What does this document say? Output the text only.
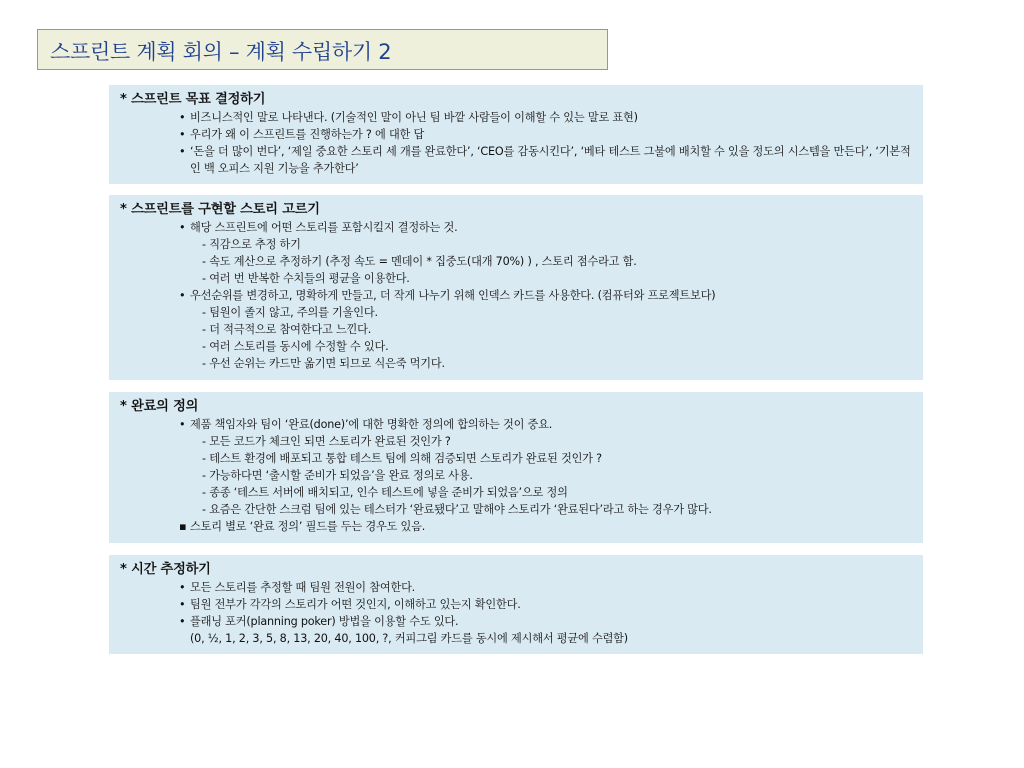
스프린트 계획 회의 – 계획 수립하기 2
* 스프린트 목표 결정하기
• 비즈니스적인 말로 나타낸다. (기술적인 말이 아닌 팀 바깥 사람들이 이해할 수 있는 말로 표현)
• 우리가 왜 이 스프린트를 진행하는가 ? 에 대한 답
• ‘돈을 더 많이 번다’, ‘제일 중요한 스토리 세 개를 완료한다’, ‘CEO를 감동시킨다’, ‘베타 테스트 그불에 배치할 수 있을 정도의 시스템을 만든다’, ‘기본적인 백 오피스 지원 기능을 추가한다’
* 스프린트를 구현할 스토리 고르기
• 해당 스프린트에 어떤 스토리를 포함시킬지 결정하는 것.
- 직감으로 추정 하기
- 속도 계산으로 추정하기 (추정 속도 = 멘데이 * 집중도(대개 70%) ) , 스토리 점수라고 함.
- 여러 번 반복한 수치들의 평균을 이용한다.
• 우선순위를 변경하고, 명확하게 만들고, 더 작게 나누기 위해 인덱스 카드를 사용한다. (컴퓨터와 프로젝트보다)
- 팀원이 졸지 않고, 주의를 기울인다.
- 더 적극적으로 참여한다고 느낀다.
- 여러 스토리를 동시에 수정할 수 있다.
- 우선 순위는 카드만 옮기면 되므로 식은죽 먹기다.
* 완료의 정의
• 제품 책임자와 팀이 ‘완료(done)’에 대한 명확한 정의에 합의하는 것이 중요.
- 모든 코드가 체크인 되면 스토리가 완료된 것인가 ?
- 테스트 환경에 배포되고 통합 테스트 팀에 의해 검증되면 스토리가 완료된 것인가 ?
- 가능하다면 ‘출시할 준비가 되었음’을 완료 정의로 사용.
- 종종 ‘테스트 서버에 배치되고, 인수 테스트에 넣을 준비가 되었음’으로 정의
- 요즘은 간단한 스크럼 팀에 있는 테스터가 ‘완료됐다’고 말해야 스토리가 ‘완료된다’라고 하는 경우가 많다.
▪ 스토리 별로 ‘완료 정의’ 필드를 두는 경우도 있음.
* 시간 추정하기
• 모든 스토리를 추정할 때 팀원 전원이 참여한다.
• 팀원 전부가 각각의 스토리가 어떤 것인지, 이해하고 있는지 확인한다.
• 플래닝 포커(planning poker) 방법을 이용할 수도 있다.
(0, ½, 1, 2, 3, 5, 8, 13, 20, 40, 100, ?, 커피그림 카드를 동시에 제시해서 평균에 수렴함)
